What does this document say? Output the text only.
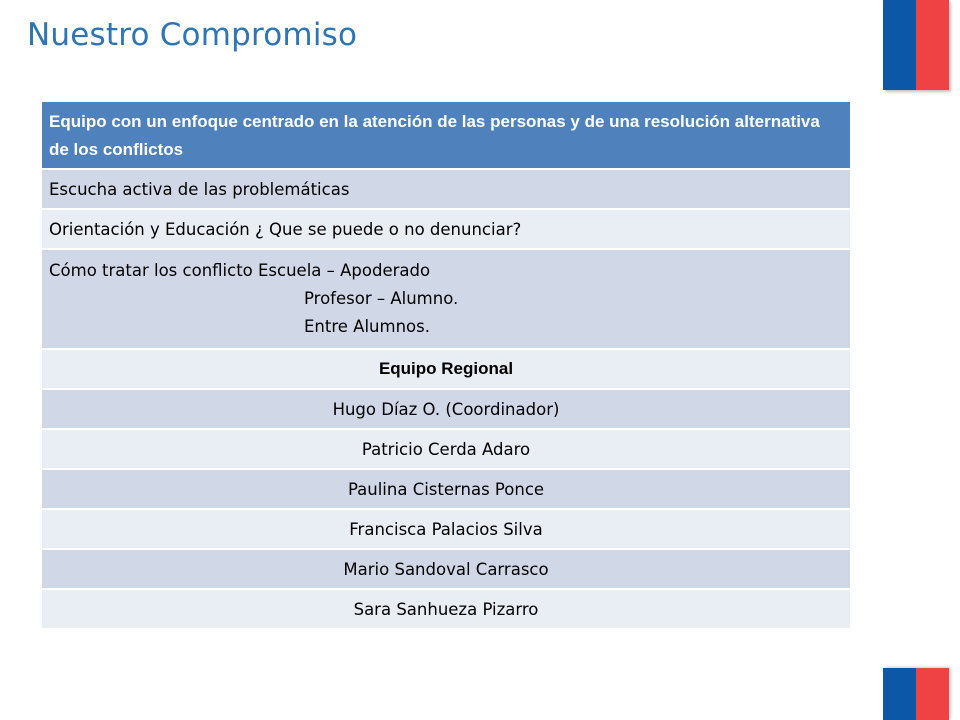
Nuestro Compromiso
Equipo con un enfoque centrado en la atención de las personas y de una resolución alternativa de los conflictos
Escucha activa de las problemáticas
Orientación y Educación ¿ Que se puede o no denunciar?
Cómo tratar los conflicto Escuela – Apoderado
Profesor – Alumno.
Entre Alumnos.
Equipo Regional
Hugo Díaz O. (Coordinador)
Patricio Cerda Adaro
Paulina Cisternas Ponce
Francisca Palacios Silva
Mario Sandoval Carrasco
Sara Sanhueza Pizarro
